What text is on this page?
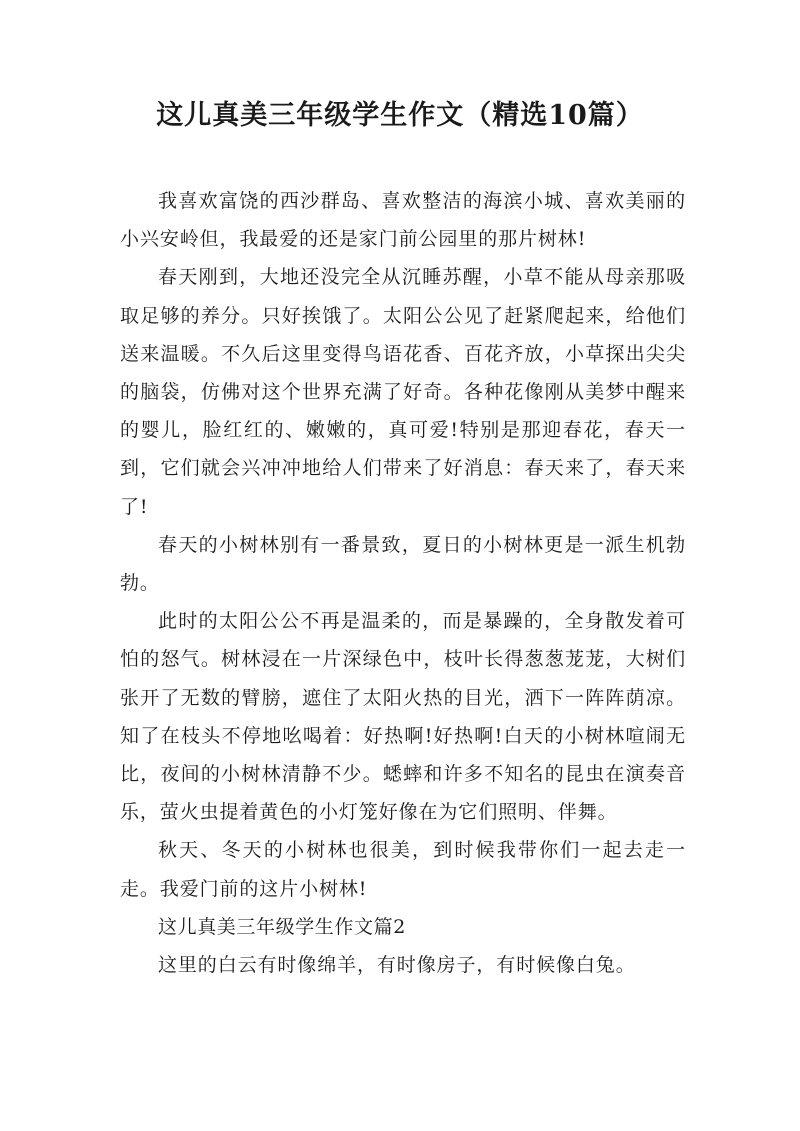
这儿真美三年级学生作文（精选10篇）

我喜欢富饶的西沙群岛、喜欢整洁的海滨小城、喜欢美丽的小兴安岭但，我最爱的还是家门前公园里的那片树林!

春天刚到，大地还没完全从沉睡苏醒，小草不能从母亲那吸取足够的养分。只好挨饿了。太阳公公见了赶紧爬起来，给他们送来温暖。不久后这里变得鸟语花香、百花齐放，小草探出尖尖的脑袋，仿佛对这个世界充满了好奇。各种花像刚从美梦中醒来的婴儿，脸红红的、嫩嫩的，真可爱!特别是那迎春花，春天一到，它们就会兴冲冲地给人们带来了好消息：春天来了，春天来了!

春天的小树林别有一番景致，夏日的小树林更是一派生机勃勃。

此时的太阳公公不再是温柔的，而是暴躁的，全身散发着可怕的怒气。树林浸在一片深绿色中，枝叶长得葱葱茏茏，大树们张开了无数的臂膀，遮住了太阳火热的目光，洒下一阵阵荫凉。知了在枝头不停地吆喝着：好热啊!好热啊!白天的小树林喧闹无比，夜间的小树林清静不少。蟋蟀和许多不知名的昆虫在演奏音乐，萤火虫提着黄色的小灯笼好像在为它们照明、伴舞。

秋天、冬天的小树林也很美，到时候我带你们一起去走一走。我爱门前的这片小树林!

这儿真美三年级学生作文篇2

这里的白云有时像绵羊，有时像房子，有时候像白兔。
